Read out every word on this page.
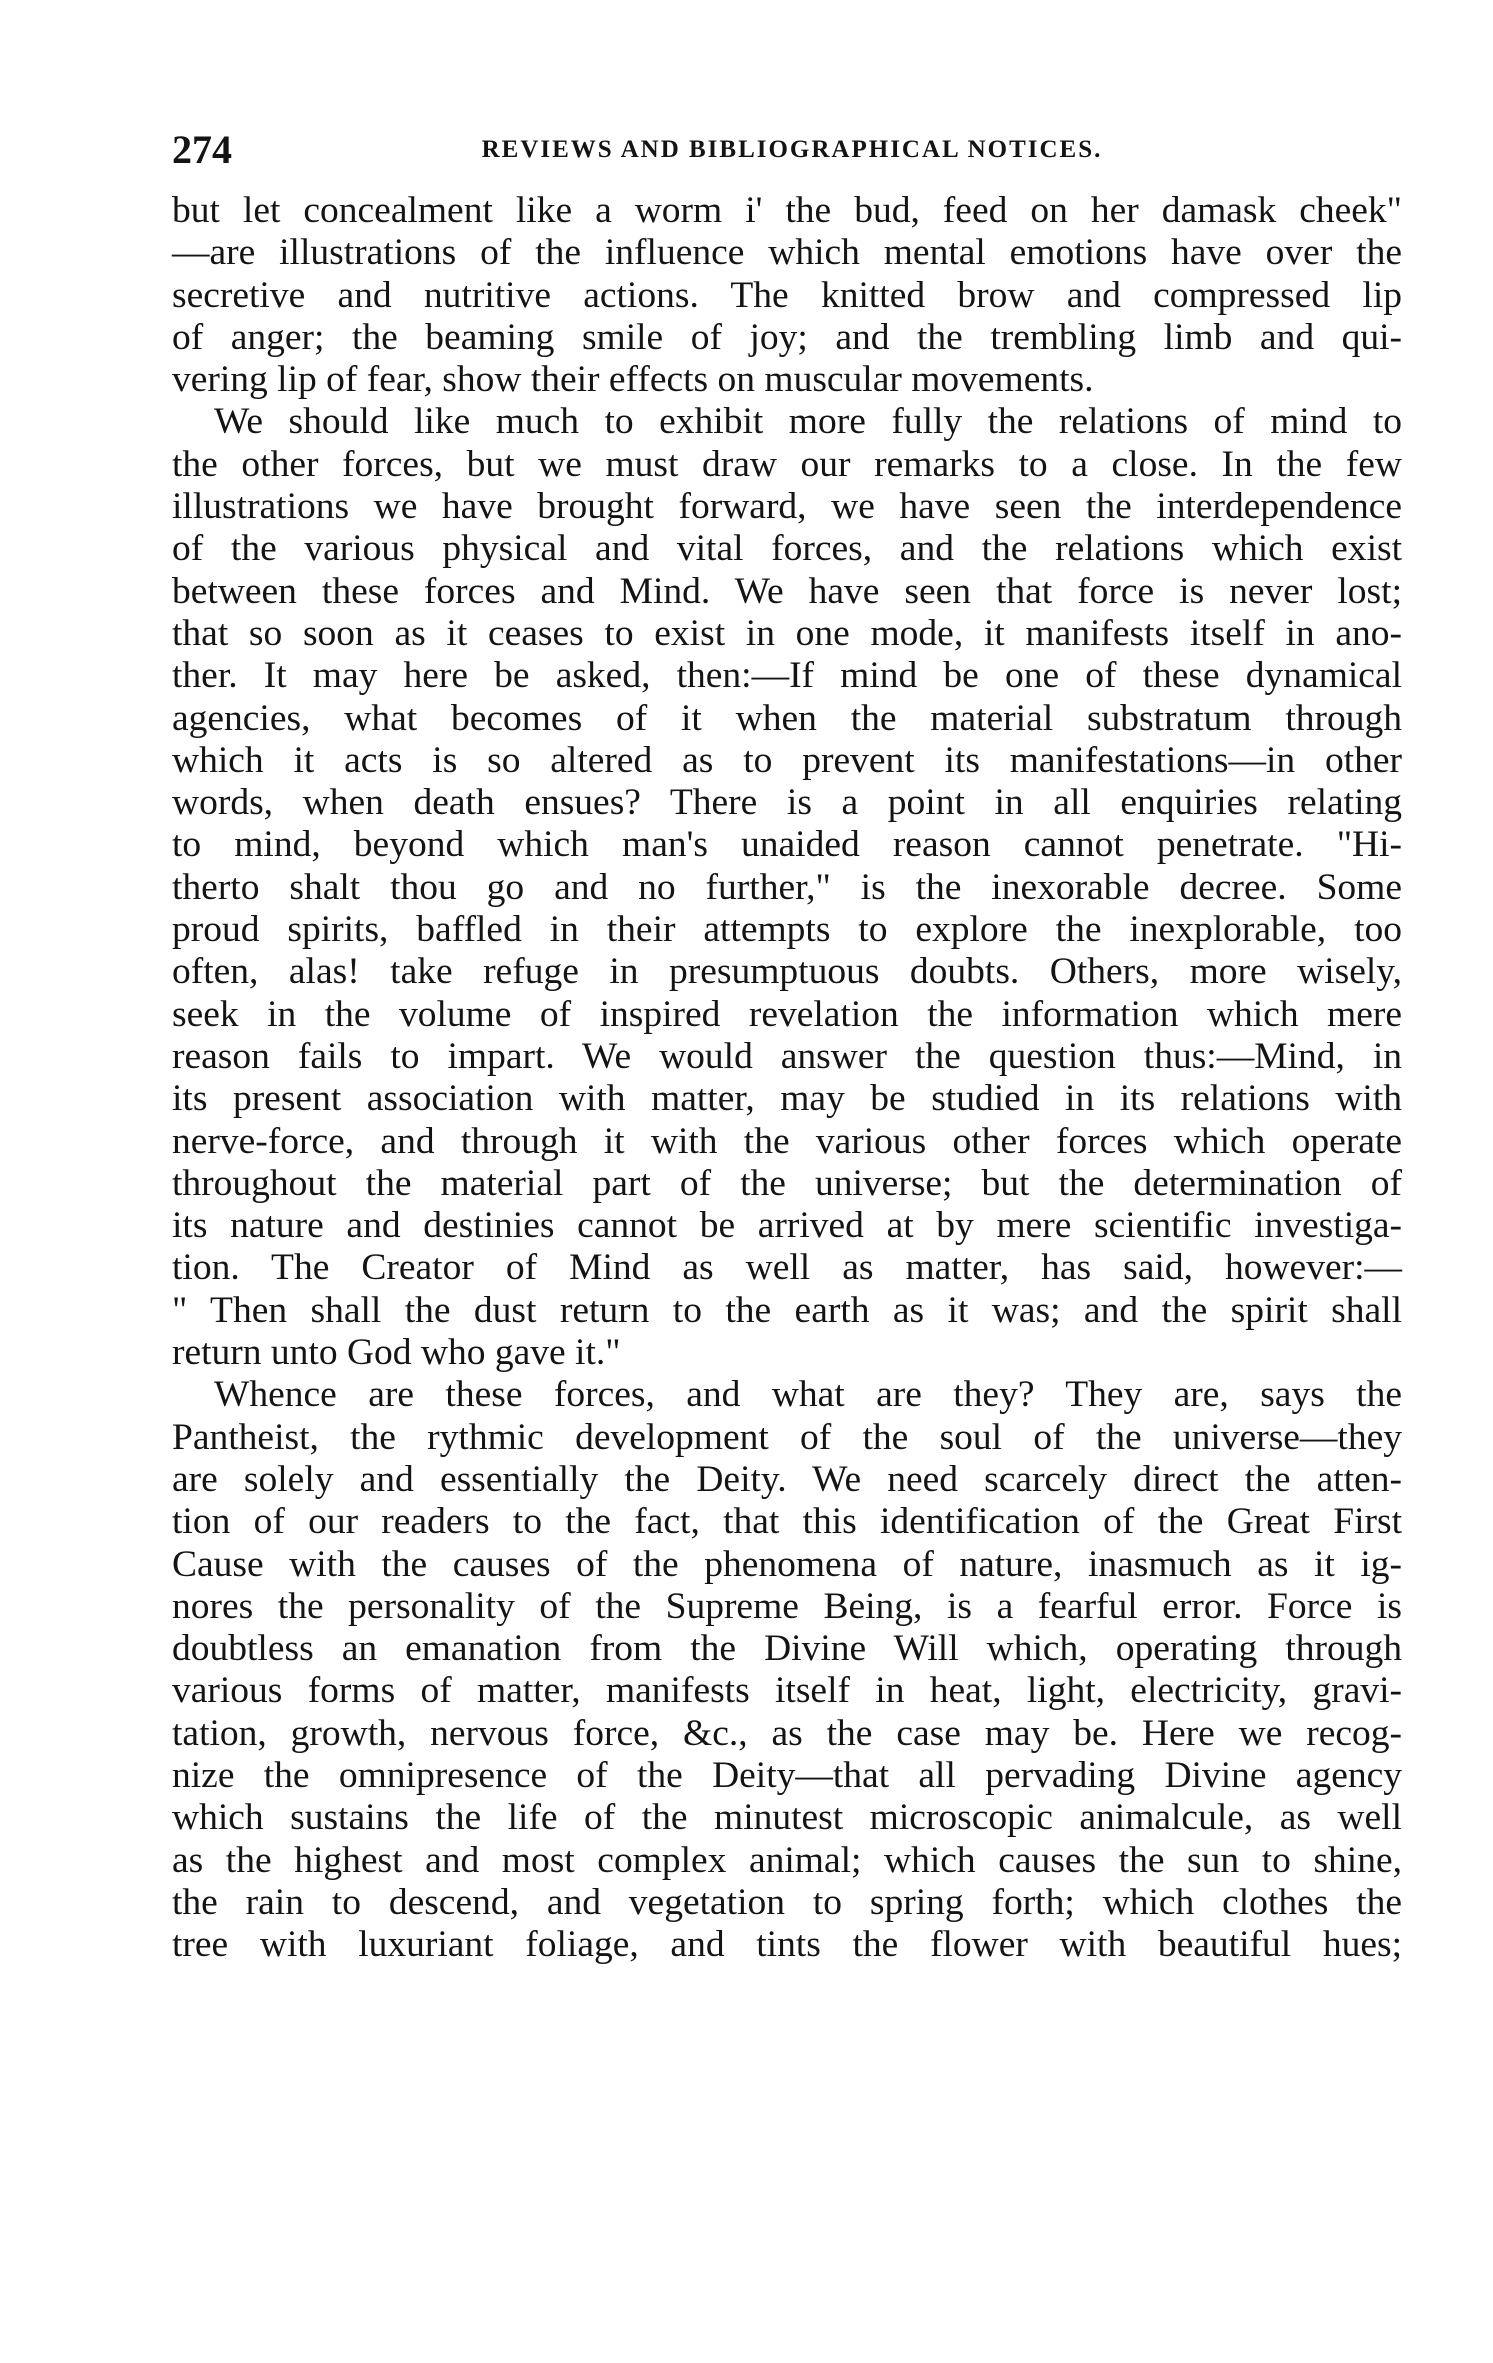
274	REVIEWS AND BIBLIOGRAPHICAL NOTICES.
but let concealment like a worm i' the bud, feed on her damask cheek"
—are illustrations of the influence which mental emotions have over the
secretive and nutritive actions. The knitted brow and compressed lip
of anger; the beaming smile of joy; and the trembling limb and qui-
vering lip of fear, show their effects on muscular movements.
We should like much to exhibit more fully the relations of mind to
the other forces, but we must draw our remarks to a close. In the few
illustrations we have brought forward, we have seen the interdependence
of the various physical and vital forces, and the relations which exist
between these forces and Mind. We have seen that force is never lost;
that so soon as it ceases to exist in one mode, it manifests itself in ano-
ther. It may here be asked, then:—If mind be one of these dynamical
agencies, what becomes of it when the material substratum through
which it acts is so altered as to prevent its manifestations—in other
words, when death ensues? There is a point in all enquiries relating
to mind, beyond which man's unaided reason cannot penetrate. "Hi-
therto shalt thou go and no further," is the inexorable decree. Some
proud spirits, baffled in their attempts to explore the inexplorable, too
often, alas! take refuge in presumptuous doubts. Others, more wisely,
seek in the volume of inspired revelation the information which mere
reason fails to impart. We would answer the question thus:—Mind, in
its present association with matter, may be studied in its relations with
nerve-force, and through it with the various other forces which operate
throughout the material part of the universe; but the determination of
its nature and destinies cannot be arrived at by mere scientific investiga-
tion. The Creator of Mind as well as matter, has said, however:—
" Then shall the dust return to the earth as it was; and the spirit shall
return unto God who gave it."
Whence are these forces, and what are they? They are, says the
Pantheist, the rythmic development of the soul of the universe—they
are solely and essentially the Deity. We need scarcely direct the atten-
tion of our readers to the fact, that this identification of the Great First
Cause with the causes of the phenomena of nature, inasmuch as it ig-
nores the personality of the Supreme Being, is a fearful error. Force is
doubtless an emanation from the Divine Will which, operating through
various forms of matter, manifests itself in heat, light, electricity, gravi-
tation, growth, nervous force, &c., as the case may be. Here we recog-
nize the omnipresence of the Deity—that all pervading Divine agency
which sustains the life of the minutest microscopic animalcule, as well
as the highest and most complex animal; which causes the sun to shine,
the rain to descend, and vegetation to spring forth; which clothes the
tree with luxuriant foliage, and tints the flower with beautiful hues;
